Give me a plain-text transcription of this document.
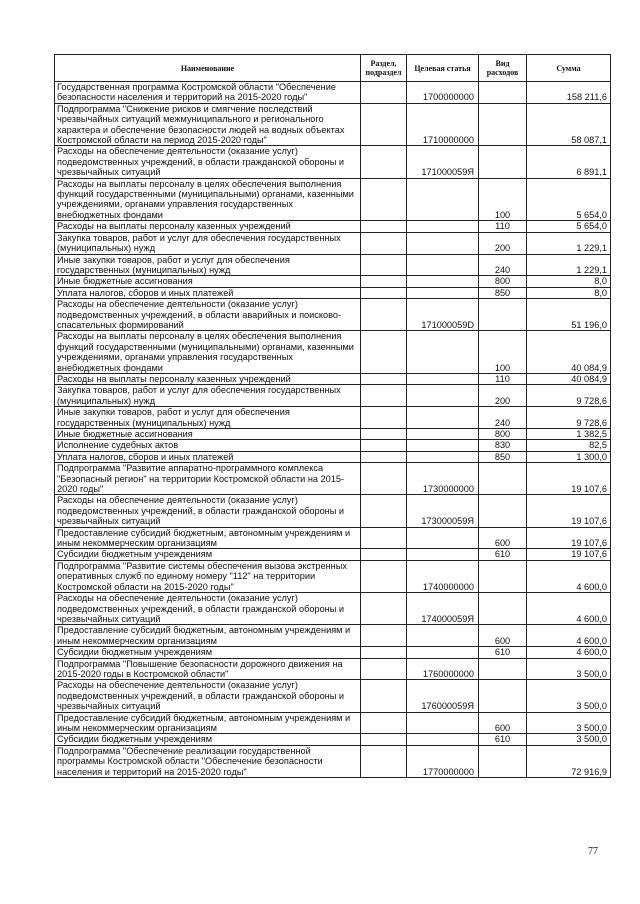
Наименование	Раздел, подраздел	Целевая статья	Вид расходов	Сумма
Государственная программа Костромской области "Обеспечение безопасности населения и территорий на 2015-2020 годы"		1700000000		158 211,6
Подпрограмма "Снижение рисков и смягчение последствий чрезвычайных ситуаций межмуниципального и регионального характера и обеспечение безопасности людей на водных объектах Костромской области на период 2015-2020 годы"		1710000000		58 087,1
Расходы на обеспечение деятельности (оказание услуг) подведомственных учреждений, в области гражданской обороны и чрезвычайных ситуаций		171000059Я		6 891,1
Расходы на выплаты персоналу в целях обеспечения выполнения функций государственными (муниципальными) органами, казенными учреждениями, органами управления государственных внебюджетных фондами			100	5 654,0
Расходы на выплаты персоналу казенных учреждений			110	5 654,0
Закупка товаров, работ и услуг для обеспечения государственных (муниципальных) нужд			200	1 229,1
Иные закупки товаров, работ и услуг для обеспечения государственных (муниципальных) нужд			240	1 229,1
Иные бюджетные ассигнования			800	8,0
Уплата налогов, сборов и иных платежей			850	8,0
Расходы на обеспечение деятельности (оказание услуг) подведомственных учреждений, в области аварийных и поисково-спасательных формирований		171000059D		51 196,0
Расходы на выплаты персоналу в целях обеспечения выполнения функций государственными (муниципальными) органами, казенными учреждениями, органами управления государственных внебюджетных фондами			100	40 084,9
Расходы на выплаты персоналу казенных учреждений			110	40 084,9
Закупка товаров, работ и услуг для обеспечения государственных (муниципальных) нужд			200	9 728,6
Иные закупки товаров, работ и услуг для обеспечения государственных (муниципальных) нужд			240	9 728,6
Иные бюджетные ассигнования			800	1 382,5
Исполнение судебных актов			830	82,5
Уплата налогов, сборов и иных платежей			850	1 300,0
Подпрограмма "Развитие аппаратно-программного комплекса "Безопасный регион" на территории Костромской области на 2015-2020 годы"		1730000000		19 107,6
Расходы на обеспечение деятельности (оказание услуг) подведомственных учреждений, в области гражданской обороны и чрезвычайных ситуаций		173000059Я		19 107,6
Предоставление субсидий бюджетным, автономным учреждениям и иным некоммерческим организациям			600	19 107,6
Субсидии бюджетным учреждениям			610	19 107,6
Подпрограмма "Развитие системы обеспечения вызова экстренных оперативных служб по единому номеру "112" на территории Костромской области на 2015-2020 годы"		1740000000		4 600,0
Расходы на обеспечение деятельности (оказание услуг) подведомственных учреждений, в области гражданской обороны и чрезвычайных ситуаций		174000059Я		4 600,0
Предоставление субсидий бюджетным, автономным учреждениям и иным некоммерческим организациям			600	4 600,0
Субсидии бюджетным учреждениям			610	4 600,0
Подпрограмма "Повышение безопасности дорожного движения на 2015-2020 годы в Костромской области"		1760000000		3 500,0
Расходы на обеспечение деятельности (оказание услуг) подведомственных учреждений, в области гражданской обороны и чрезвычайных ситуаций		176000059Я		3 500,0
Предоставление субсидий бюджетным, автономным учреждениям и иным некоммерческим организациям			600	3 500,0
Субсидии бюджетным учреждениям			610	3 500,0
Подпрограмма "Обеспечение реализации государственной программы Костромской области "Обеспечение безопасности населения и территорий на 2015-2020 годы"		1770000000		72 916,9
77
